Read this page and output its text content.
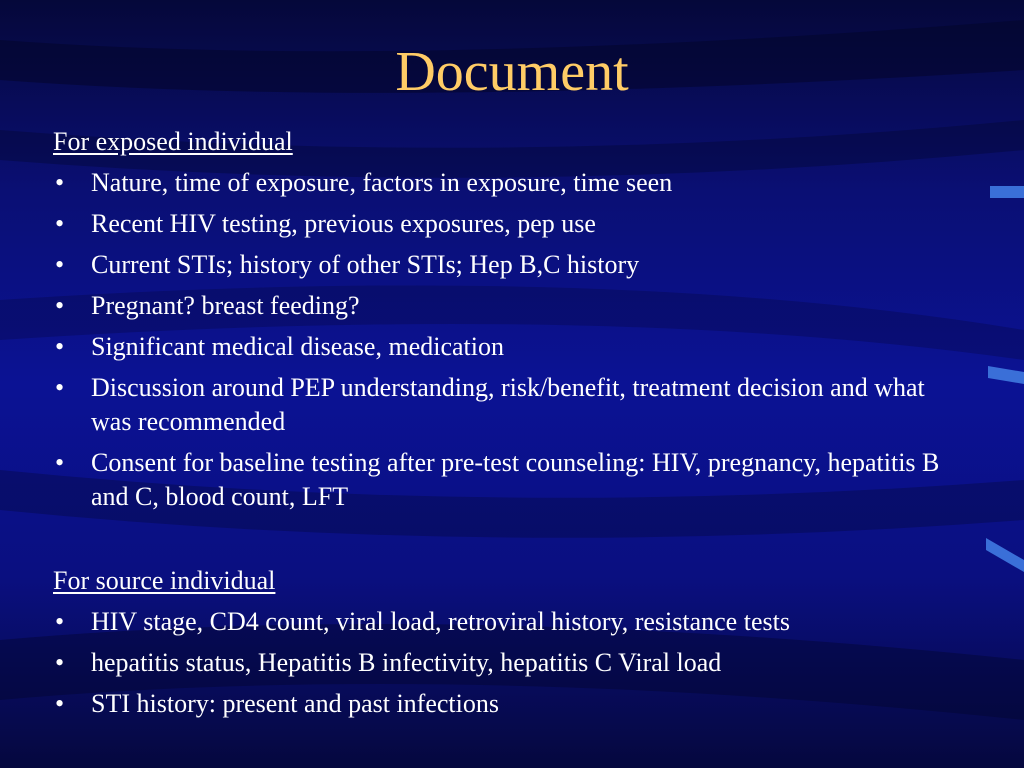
Document
For exposed individual
• Nature, time of exposure, factors in exposure, time seen
• Recent HIV testing, previous exposures, pep use
• Current STIs; history of other STIs; Hep B,C history
• Pregnant? breast feeding?
• Significant medical disease, medication
• Discussion around PEP understanding, risk/benefit, treatment decision and what was recommended
• Consent for baseline testing after pre-test counseling: HIV, pregnancy, hepatitis B and C, blood count, LFT
For source individual
• HIV stage, CD4 count, viral load, retroviral history, resistance tests
• hepatitis status, Hepatitis B infectivity, hepatitis C Viral load
• STI history: present and past infections
